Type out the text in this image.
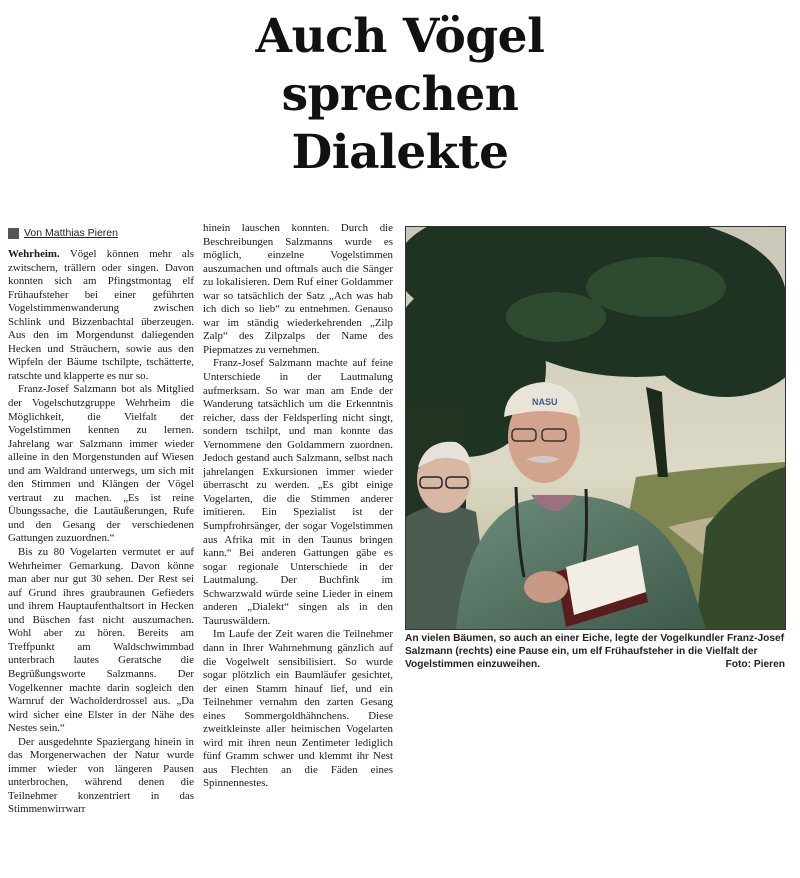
Auch Vögel
sprechen
Dialekte
Von Matthias Pieren

Wehrheim. Vögel können mehr als zwitschern, trällern oder singen. Davon konnten sich am Pfingstmontag elf Frühaufsteher bei einer geführten Vogelstimmenwanderung zwischen Schlink und Bizzenbachtal überzeugen. Aus den im Morgendunst daliegenden Hecken und Sträuchern, sowie aus den Wipfeln der Bäume tschilpte, tschätterte, ratschte und klapperte es nur so.

Franz-Josef Salzmann bot als Mitglied der Vogelschutzgruppe Wehrheim die Möglichkeit, die Vielfalt der Vogelstimmen kennen zu lernen. Jahrelang war Salzmann immer wieder alleine in den Morgenstunden auf Wiesen und am Waldrand unterwegs, um sich mit den Stimmen und Klängen der Vögel vertraut zu machen. „Es ist reine Übungssache, die Lautäußerungen, Rufe und den Gesang der verschiedenen Gattungen zuzuordnen.“

Bis zu 80 Vogelarten vermutet er auf Wehrheimer Gemarkung. Davon könne man aber nur gut 30 sehen. Der Rest sei auf Grund ihres graubraunen Gefieders und ihrem Hauptaufenthaltsort in Hecken und Büschen fast nicht auszumachen. Wohl aber zu hören. Bereits am Treffpunkt am Waldschwimmbad unterbrach lautes Geratsche die Begrüßungsworte Salzmanns. Der Vogelkenner machte darin sogleich den Warnruf der Wacholderdrossel aus. „Da wird sicher eine Elster in der Nähe des Nestes sein.“

Der ausgedehnte Spaziergang hinein in das Morgenerwachen der Natur wurde immer wieder von längeren Pausen unterbrochen, während denen die Teilnehmer konzentriert in das Stimmenwirrwarr

hinein lauschen konnten. Durch die Beschreibungen Salzmanns wurde es möglich, einzelne Vogelstimmen auszumachen und oftmals auch die Sänger zu lokalisieren. Dem Ruf einer Goldammer war so tatsächlich der Satz „Ach was hab ich dich so lieb“ zu entnehmen. Genauso war im ständig wiederkehrenden „Zilp Zalp“ des Zilpzalps der Name des Piepmatzes zu vernehmen.

Franz-Josef Salzmann machte auf feine Unterschiede in der Lautmalung aufmerksam. So war man am Ende der Wanderung tatsächlich um die Erkenntnis reicher, dass der Feldsperling nicht singt, sondern tschilpt, und man konnte das Vernommene den Goldammern zuordnen. Jedoch gestand auch Salzmann, selbst nach jahrelangen Exkursionen immer wieder überrascht zu werden. „Es gibt einige Vogelarten, die die Stimmen anderer imitieren. Ein Spezialist ist der Sumpfrohrsänger, der sogar Vogelstimmen aus Afrika mit in den Taunus bringen kann.“ Bei anderen Gattungen gäbe es sogar regionale Unterschiede in der Lautmalung. Der Buchfink im Schwarzwald würde seine Lieder in einem anderen „Dialekt“ singen als in den Tauruswäldern.

Im Laufe der Zeit waren die Teilnehmer dann in Ihrer Wahrnehmung gänzlich auf die Vogelwelt sensibilisiert. So wurde sogar plötzlich ein Baumläufer gesichtet, der einen Stamm hinauf lief, und ein Teilnehmer vernahm den zarten Gesang eines Sommergoldhähnchens. Diese zweitkleinste aller heimischen Vogelarten wird mit ihren neun Zentimeter lediglich fünf Gramm schwer und klemmt ihr Nest aus Flechten an die Fäden eines Spinnennestes.

NASU
An vielen Bäumen, so auch an einer Eiche, legte der Vogelkundler Franz-Josef Salzmann (rechts) eine Pause ein, um elf Frühaufsteher in die Vielfalt der Vogelstimmen einzuweihen.	Foto: Pieren
